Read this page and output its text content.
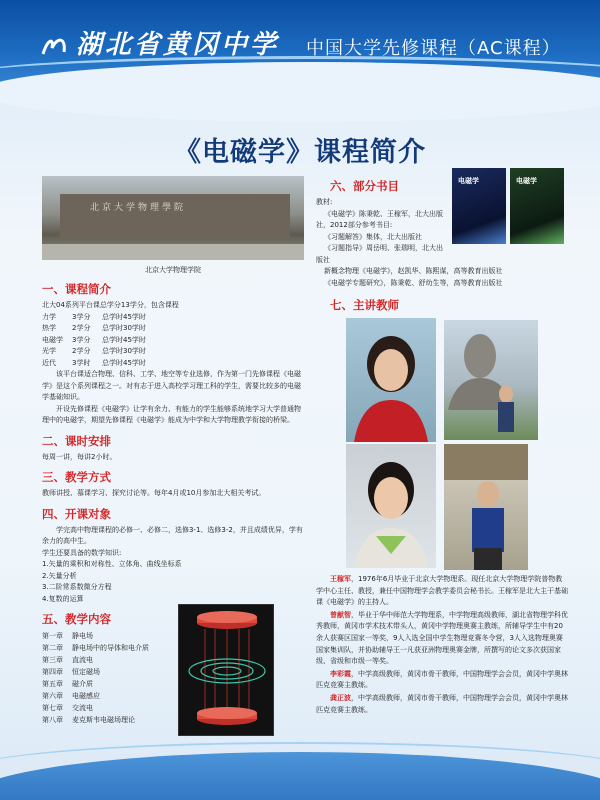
湖北省黄冈中学 中国大学先修课程（AC课程）
《电磁学》课程简介
北京大学物理學院
北京大学物理学院
一、课程简介
北大04系列平台课总学分13学分，包含课程
力学	3学分	总学时45学时
热学	2学分	总学时30学时
电磁学	3学分	总学时45学时
光学	2学分	总学时30学时
近代	3学时	总学时45学时
该平台课适合物理、信科、工学、地空等专业选修，作为第一门先修课程《电磁学》是这个系列课程之一。对有志于进入高校学习理工科的学生，需要比较多的电磁学基础知识。
开设先修课程《电磁学》让学有余力、有能力的学生能够系统地学习大学普通物理中的电磁学，期望先修课程《电磁学》能成为中学和大学物理教学衔接的桥梁。
二、课时安排
每周一讲，每讲2小时。
三、教学方式
教师讲授、慕课学习、探究讨论等。每年4月或10月参加北大相关考试。
四、开课对象
学完高中物理课程的必修一、必修二，选修3-1、选修3-2，并且成绩优异，学有余力的高中生。
学生还要具备的数学知识:
1.矢量的乘积和对称性、立体角、曲线坐标系
2.矢量分析
3.二阶常系数微分方程
4.复数的运算
五、教学内容
第一章	静电场
第二章	静电场中的导体和电介质
第三章	直流电
第四章	恒定磁场
第五章	磁介质
第六章	电磁感应
第七章	交流电
第八章	麦克斯韦电磁场理论
六、部分书目
教材:
《电磁学》陈秉乾、王稼军，北大出版社，2012部分参考书目:
《习题解答》集体，北大出版社
《习题指导》周岳明、张瑞明，北大出版社
新概念物理《电磁学》，赵凯华、陈熙谋，高等教育出版社
《电磁学专题研究》，陈秉乾、舒幼生等，高等教育出版社
七、主讲教师
电磁学	电磁学
王稼军，1976年6月毕业于北京大学物理系。现任北京大学物理学院普物教学中心主任、教授，兼任中国物理学会教学委员会秘书长。王稼军是北大主干基础课《电磁学》的主持人。
曾献智，毕业于华中师范大学物理系，中学物理高级教师，湖北省物理学科优秀教师，黄冈市学术技术带头人，黄冈中学物理奥赛主教练，所辅导学生中有20余人获赛区国家一等奖，9人入选全国中学生物理竞赛冬令营，3人入选物理奥赛国家集训队，并协助辅导王一凡获亚洲物理奥赛金牌，所撰写的论文多次获国家级、省级和市级一等奖。
李彩霞，中学高级教师，黄冈市骨干教师，中国物理学会会员，黄冈中学奥林匹克竞赛主教练。
龚正波，中学高级教师，黄冈市骨干教师，中国物理学会会员，黄冈中学奥林匹克竞赛主教练。
